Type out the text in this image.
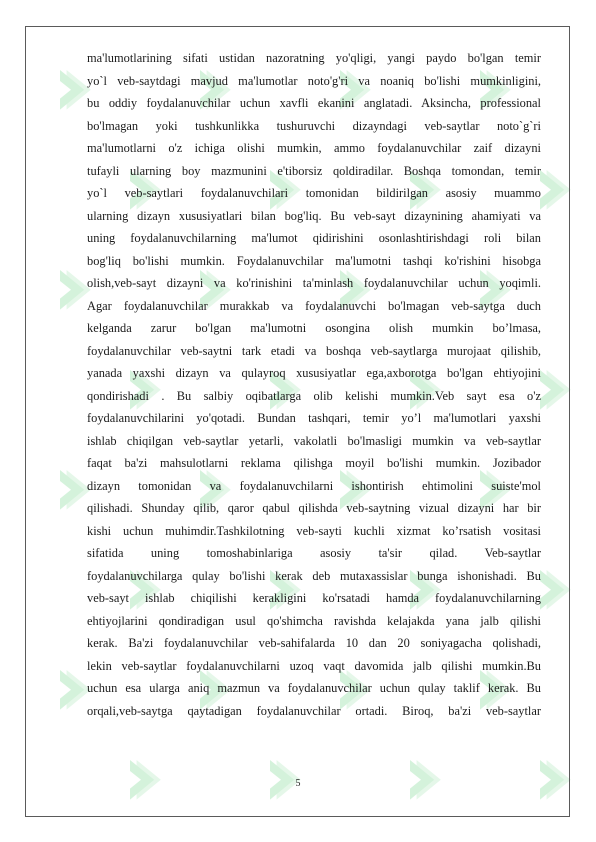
ma'lumotlarining sifati ustidan nazoratning yo'qligi, yangi paydo bo'lgan temir
yo`l veb-saytdagi mavjud ma'lumotlar noto'g'ri va noaniq bo'lishi mumkinligini,
bu oddiy foydalanuvchilar uchun xavfli ekanini anglatadi. Aksincha, professional
bo'lmagan yoki tushkunlikka tushuruvchi dizayndagi veb-saytlar noto`g`ri
ma'lumotlarni o'z ichiga olishi mumkin, ammo foydalanuvchilar zaif dizayni
tufayli ularning boy mazmunini e'tiborsiz qoldiradilar. Boshqa tomondan, temir
yo`l veb-saytlari foydalanuvchilari tomonidan bildirilgan asosiy muammo
ularning dizayn xususiyatlari bilan bog'liq. Bu veb-sayt dizaynining ahamiyati va
uning foydalanuvchilarning ma'lumot qidirishini osonlashtirishdagi roli bilan
bog'liq bo'lishi mumkin. Foydalanuvchilar ma'lumotni tashqi ko'rishini hisobga
olish,veb-sayt dizayni va ko'rinishini ta'minlash foydalanuvchilar uchun yoqimli.
Agar foydalanuvchilar murakkab va foydalanuvchi bo'lmagan veb-saytga duch
kelganda zarur bo'lgan ma'lumotni osongina olish mumkin bo’lmasa,
foydalanuvchilar veb-saytni tark etadi va boshqa veb-saytlarga murojaat qilishib,
yanada yaxshi dizayn va qulayroq xususiyatlar ega,axborotga bo'lgan ehtiyojini
qondirishadi . Bu salbiy oqibatlarga olib kelishi mumkin.Veb sayt esa o'z
foydalanuvchilarini yo'qotadi. Bundan tashqari, temir yo’l ma'lumotlari yaxshi
ishlab chiqilgan veb-saytlar yetarli, vakolatli bo'lmasligi mumkin va veb-saytlar
faqat ba'zi mahsulotlarni reklama qilishga moyil bo'lishi mumkin. Jozibador
dizayn tomonidan va foydalanuvchilarni ishontirish ehtimolini suiste'mol
qilishadi. Shunday qilib, qaror qabul qilishda veb-saytning vizual dizayni har bir
kishi uchun muhimdir.Tashkilotning veb-sayti kuchli xizmat ko’rsatish vositasi
sifatida uning tomoshabinlariga asosiy ta'sir qilad. Veb-saytlar
foydalanuvchilarga qulay bo'lishi kerak deb mutaxassislar bunga ishonishadi. Bu
veb-sayt ishlab chiqilishi kerakligini ko'rsatadi hamda foydalanuvchilarning
ehtiyojlarini qondiradigan usul qo'shimcha ravishda kelajakda yana jalb qilishi
kerak. Ba'zi foydalanuvchilar veb-sahifalarda 10 dan 20 soniyagacha qolishadi,
lekin veb-saytlar foydalanuvchilarni uzoq vaqt davomida jalb qilishi mumkin.Bu
uchun esa ularga aniq mazmun va foydalanuvchilar uchun qulay taklif kerak. Bu
orqali,veb-saytga qaytadigan foydalanuvchilar ortadi. Biroq, ba'zi veb-saytlar
5
